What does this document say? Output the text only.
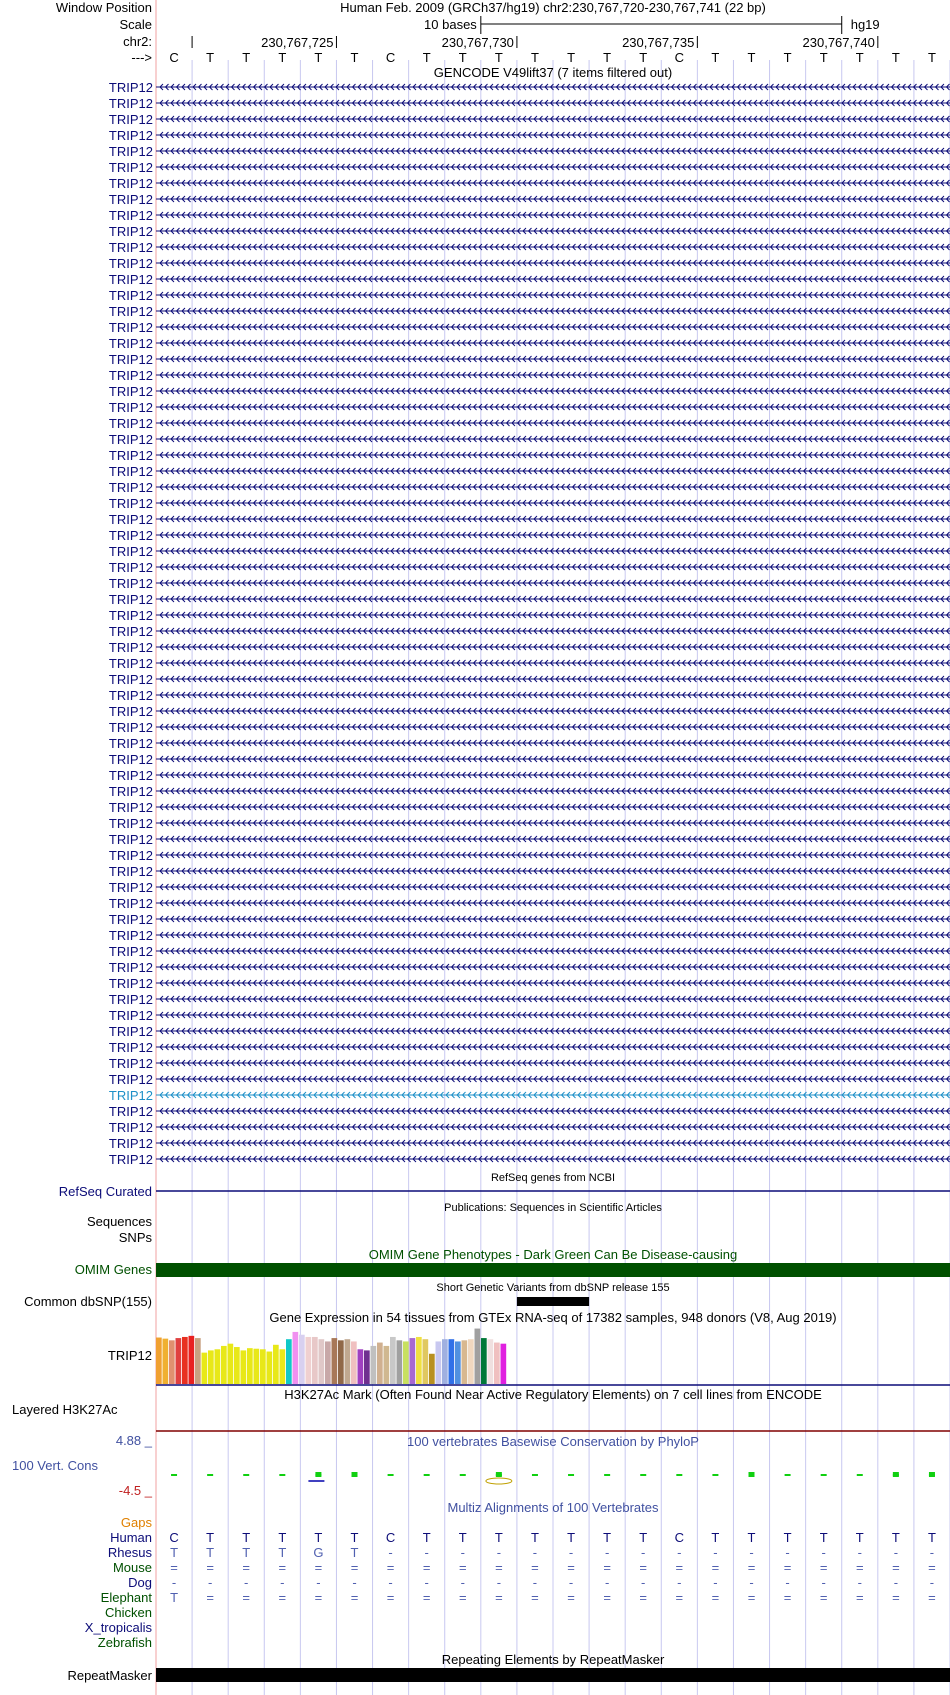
Window Position
Scale
chr2:
--->
Human Feb. 2009 (GRCh37/hg19) chr2:230,767,720-230,767,741 (22 bp)
10 bases	hg19
230,767,725	230,767,730	230,767,735	230,767,740
C T T T T T C T T T T T T T C T T T T T T T
GENCODE V49lift37 (7 items filtered out)
TRIP12
TRIP12
TRIP12
TRIP12
TRIP12
TRIP12
TRIP12
TRIP12
TRIP12
TRIP12
TRIP12
TRIP12
TRIP12
TRIP12
TRIP12
TRIP12
TRIP12
TRIP12
TRIP12
TRIP12
TRIP12
TRIP12
TRIP12
TRIP12
TRIP12
TRIP12
TRIP12
TRIP12
TRIP12
TRIP12
TRIP12
TRIP12
TRIP12
TRIP12
TRIP12
TRIP12
TRIP12
TRIP12
TRIP12
TRIP12
TRIP12
TRIP12
TRIP12
TRIP12
TRIP12
TRIP12
TRIP12
TRIP12
TRIP12
TRIP12
TRIP12
TRIP12
TRIP12
TRIP12
TRIP12
TRIP12
TRIP12
TRIP12
TRIP12
TRIP12
TRIP12
TRIP12
TRIP12
TRIP12
TRIP12
TRIP12
TRIP12
TRIP12
RefSeq genes from NCBI
RefSeq Curated
Publications: Sequences in Scientific Articles
Sequences
SNPs
OMIM Gene Phenotypes - Dark Green Can Be Disease-causing
OMIM Genes
Short Genetic Variants from dbSNP release 155
Common dbSNP(155)
Gene Expression in 54 tissues from GTEx RNA-seq of 17382 samples, 948 donors (V8, Aug 2019)
TRIP12
H3K27Ac Mark (Often Found Near Active Regulatory Elements) on 7 cell lines from ENCODE
Layered H3K27Ac
100 vertebrates Basewise Conservation by PhyloP
4.88 _
100 Vert. Cons
-4.5 _
Multiz Alignments of 100 Vertebrates
Gaps
Human C T T T T T C T T T T T T T C T T T T T T T
Rhesus T T T T G T - - - - - - - - - - - - - - - -
Mouse = = = = = = = = = = = = = = = = = = = = = =
Dog - - - - - - - - - - - - - - - - - - - - - -
Elephant T = = = = = = = = = = = = = = = = = = = = =
Chicken
X_tropicalis
Zebrafish
Repeating Elements by RepeatMasker
RepeatMasker
